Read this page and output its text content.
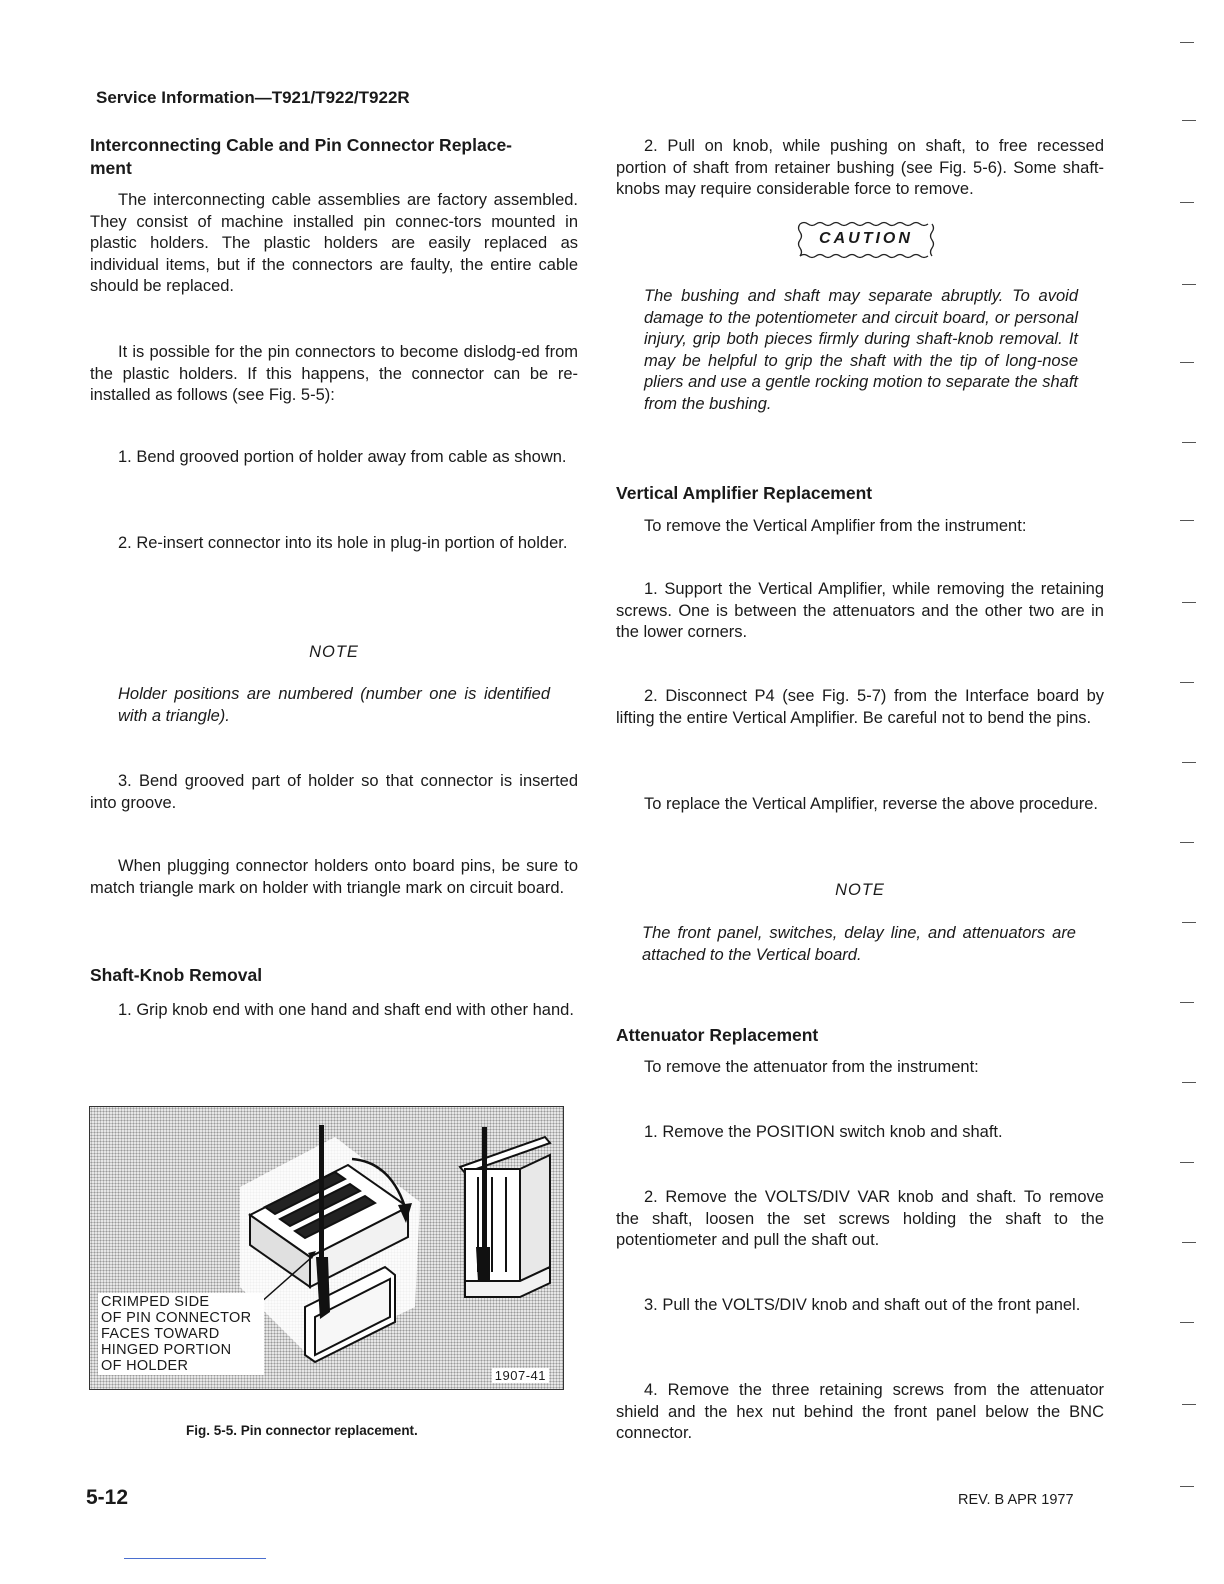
Service Information—T921/T922/T922R
Interconnecting Cable and Pin Connector Replace-
ment

The interconnecting cable assemblies are factory assembled. They consist of machine installed pin connec-tors mounted in plastic holders. The plastic holders are easily replaced as individual items, but if the connectors are faulty, the entire cable should be replaced.

It is possible for the pin connectors to become dislodg-ed from the plastic holders. If this happens, the connector can be re-installed as follows (see Fig. 5-5):

1. Bend grooved portion of holder away from cable as shown.

2. Re-insert connector into its hole in plug-in portion of holder.

NOTE

Holder positions are numbered (number one is identified with a triangle).

3. Bend grooved part of holder so that connector is inserted into groove.

When plugging connector holders onto board pins, be sure to match triangle mark on holder with triangle mark on circuit board.

Shaft-Knob Removal

1. Grip knob end with one hand and shaft end with other hand.

CRIMPED SIDE
OF PIN CONNECTOR
FACES TOWARD
HINGED PORTION
OF HOLDER
1907-41
Fig. 5-5. Pin connector replacement.

2. Pull on knob, while pushing on shaft, to free recessed portion of shaft from retainer bushing (see Fig. 5-6). Some shaft-knobs may require considerable force to remove.

CAUTION

The bushing and shaft may separate abruptly. To avoid damage to the potentiometer and circuit board, or personal injury, grip both pieces firmly during shaft-knob removal. It may be helpful to grip the shaft with the tip of long-nose pliers and use a gentle rocking motion to separate the shaft from the bushing.

Vertical Amplifier Replacement

To remove the Vertical Amplifier from the instrument:

1. Support the Vertical Amplifier, while removing the retaining screws. One is between the attenuators and the other two are in the lower corners.

2. Disconnect P4 (see Fig. 5-7) from the Interface board by lifting the entire Vertical Amplifier. Be careful not to bend the pins.

To replace the Vertical Amplifier, reverse the above procedure.

NOTE

The front panel, switches, delay line, and attenuators are attached to the Vertical board.

Attenuator Replacement

To remove the attenuator from the instrument:

1. Remove the POSITION switch knob and shaft.

2. Remove the VOLTS/DIV VAR knob and shaft. To remove the shaft, loosen the set screws holding the shaft to the potentiometer and pull the shaft out.

3. Pull the VOLTS/DIV knob and shaft out of the front panel.

4. Remove the three retaining screws from the attenuator shield and the hex nut behind the front panel below the BNC connector.

5-12	REV. B APR 1977
